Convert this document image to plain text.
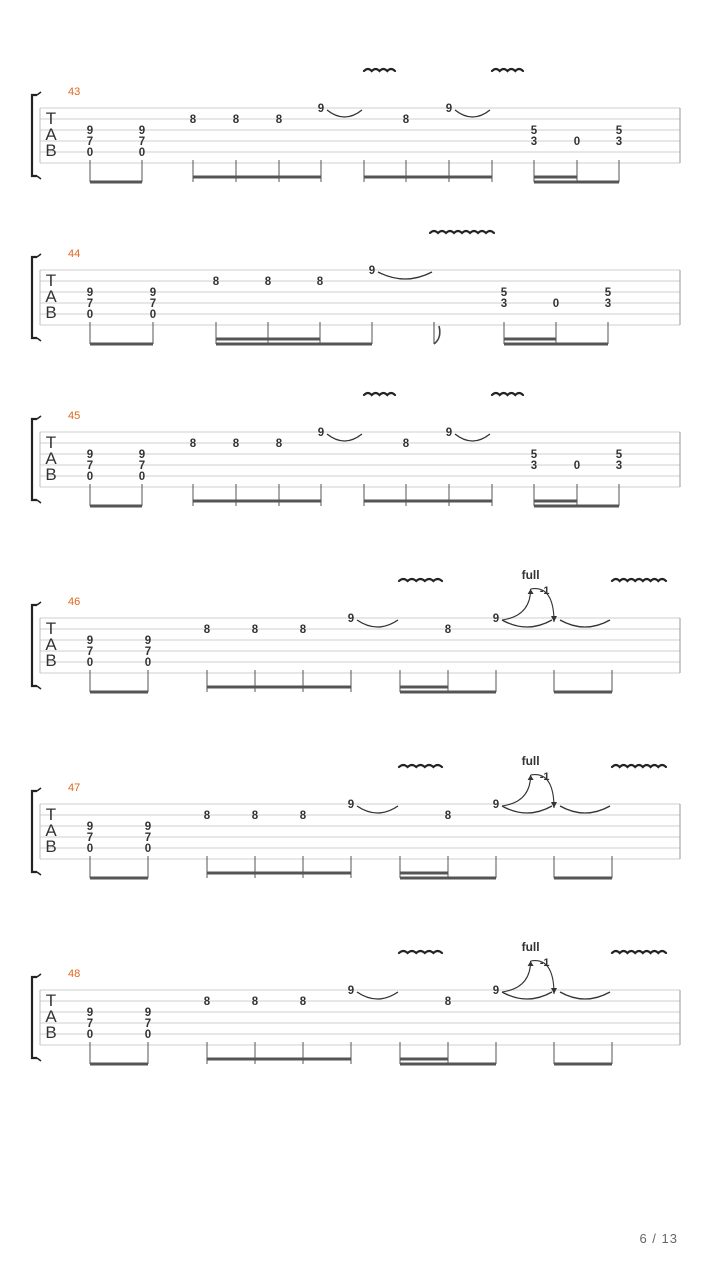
T
A
B
43
9
7
0
9
7
0
8	8	8
9
8
9
5
3	0
5
3
T
A
B
44
9
7
0
9
7
0
8	8	8
9
5
3	0
5
3
T
A
B
45
9
7
0
9
7
0
8	8	8
9
8
9
5
3	0
5
3
T
A
B
46
9
7
0
9
7
0
8	8	8
9
8
9
full
-1
T
A
B
47
9
7
0
9
7
0
8	8	8
9
8
9
full
-1
T
A
B
48
9
7
0
9
7
0
8	8	8
9
8
9
full
-1
6 / 13
